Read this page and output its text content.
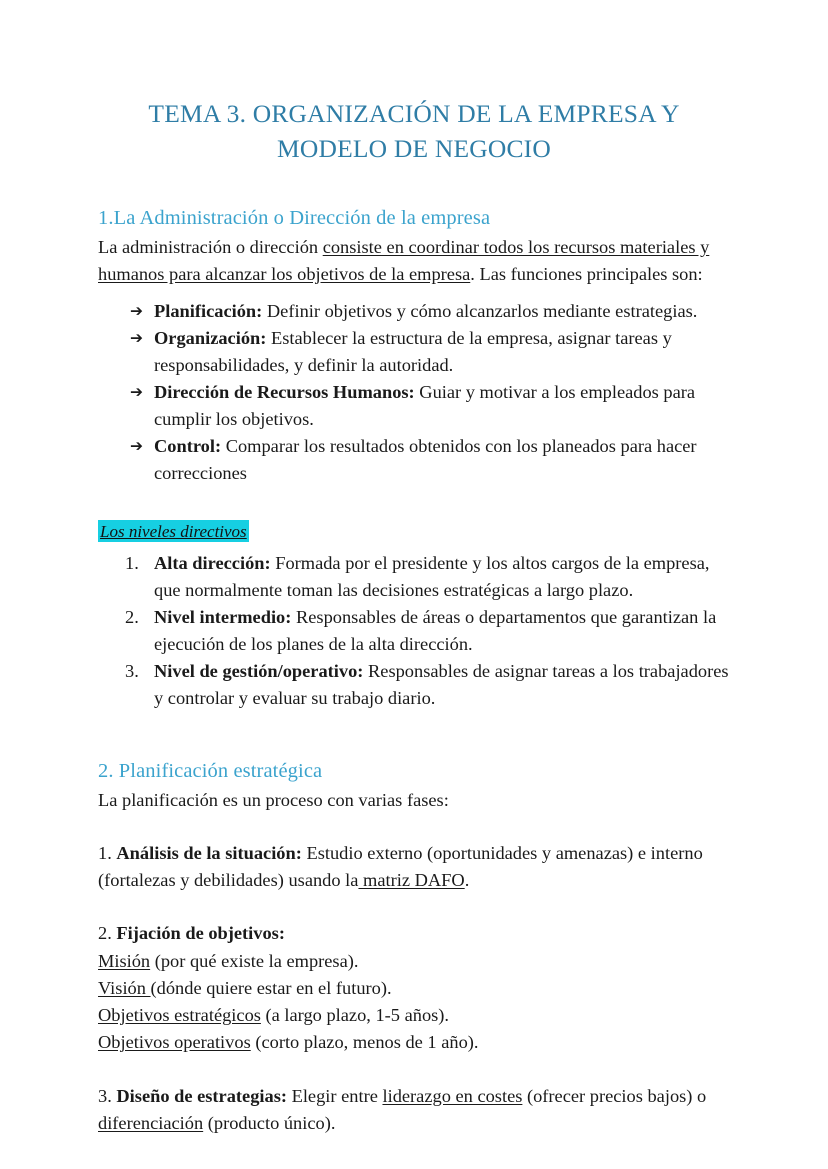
TEMA 3. ORGANIZACIÓN DE LA EMPRESA Y
MODELO DE NEGOCIO
1.La Administración o Dirección de la empresa

La administración o dirección consiste en coordinar todos los recursos materiales y humanos para alcanzar los objetivos de la empresa. Las funciones principales son:

➔ Planificación: Definir objetivos y cómo alcanzarlos mediante estrategias.
➔ Organización: Establecer la estructura de la empresa, asignar tareas y responsabilidades, y definir la autoridad.
➔ Dirección de Recursos Humanos: Guiar y motivar a los empleados para cumplir los objetivos.
➔ Control: Comparar los resultados obtenidos con los planeados para hacer correcciones
Los niveles directivos
Alta dirección: Formada por el presidente y los altos cargos de la empresa, que normalmente toman las decisiones estratégicas a largo plazo.
Nivel intermedio: Responsables de áreas o departamentos que garantizan la ejecución de los planes de la alta dirección.
Nivel de gestión/operativo: Responsables de asignar tareas a los trabajadores y controlar y evaluar su trabajo diario.
2. Planificación estratégica

La planificación es un proceso con varias fases:

1. Análisis de la situación: Estudio externo (oportunidades y amenazas) e interno (fortalezas y debilidades) usando la matriz DAFO.

2. Fijación de objetivos:

Misión (por qué existe la empresa).

Visión (dónde quiere estar en el futuro).

Objetivos estratégicos (a largo plazo, 1-5 años).

Objetivos operativos (corto plazo, menos de 1 año).

3. Diseño de estrategias: Elegir entre liderazgo en costes (ofrecer precios bajos) o diferenciación (producto único).
